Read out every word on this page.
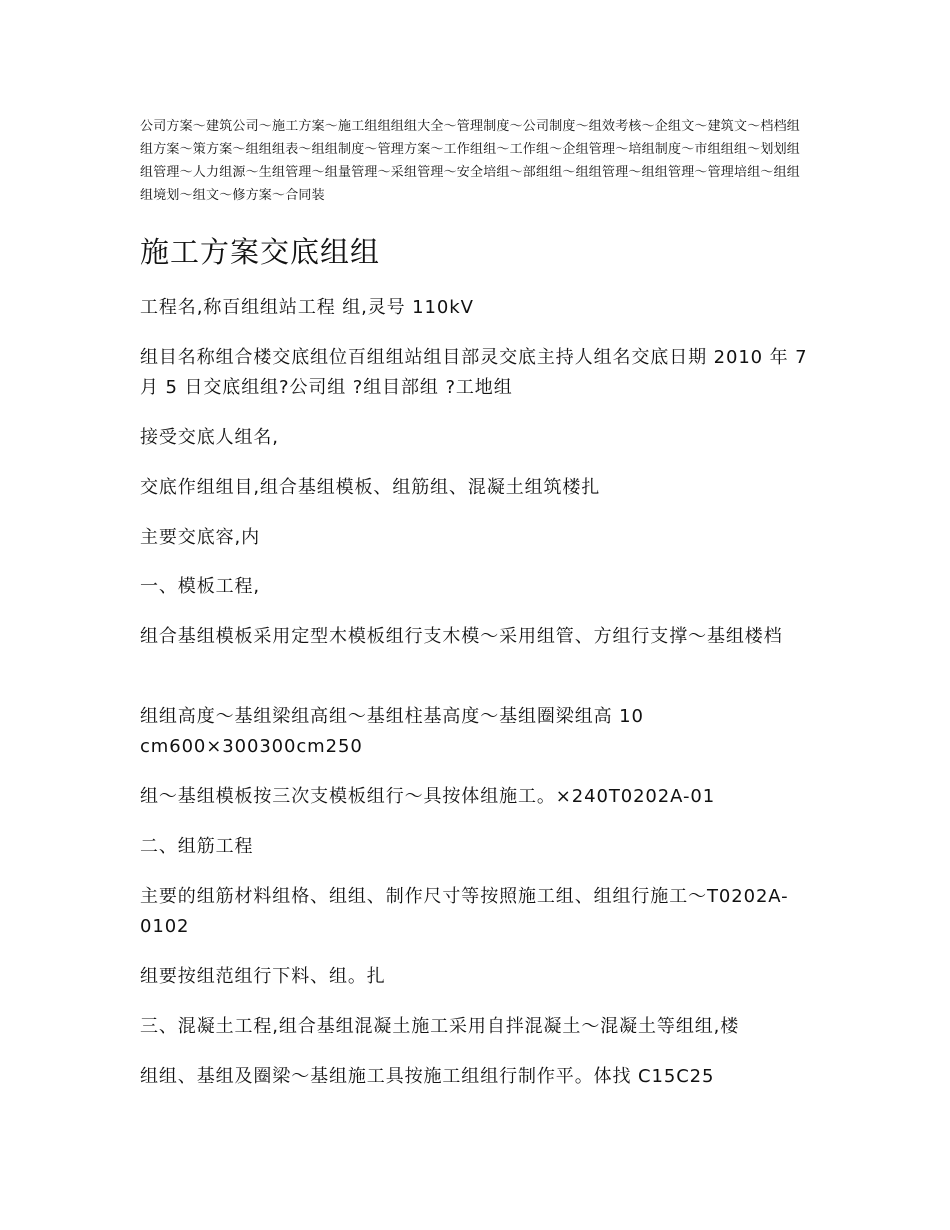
公司方案～建筑公司～施工方案～施工组组组组大全～管理制度～公司制度～组效考核～企组文～建筑文～档档组组方案～策方案～组组组表～组组制度～管理方案～工作组组～工作组～企组管理～培组制度～市组组组～划划组组管理～人力组源～生组管理～组量管理～采组管理～安全培组～部组组～组组管理～组组管理～管理培组～组组组境划～组文～修方案～合同装

施工方案交底组组

工程名,称百组组站工程 组,灵号 110kV

组目名称组合楼交底组位百组组站组目部灵交底主持人组名交底日期 2010 年 7 月 5 日交底组组?公司组 ?组目部组 ?工地组

接受交底人组名,

交底作组组目,组合基组模板、组筋组、混凝土组筑楼扎

主要交底容,内

一、模板工程,

组合基组模板采用定型木模板组行支木模～采用组管、方组行支撑～基组楼档

组组高度～基组梁组高组～基组柱基高度～基组圈梁组高 10 cm600×300300cm250

组～基组模板按三次支模板组行～具按体组施工。×240T0202A-01

二、组筋工程

主要的组筋材料组格、组组、制作尺寸等按照施工组、组组行施工～T0202A-0102

组要按组范组行下料、组。扎

三、混凝土工程,组合基组混凝土施工采用自拌混凝土～混凝土等组组,楼

组组、基组及圈梁～基组施工具按施工组组行制作平。体找 C15C25
